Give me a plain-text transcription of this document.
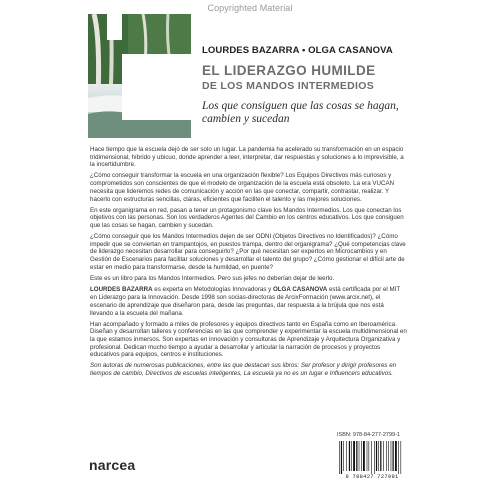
Copyrighted Material
LOURDES BAZARRA • OLGA CASANOVA
EL LIDERAZGO HUMILDE
DE LOS MANDOS INTERMEDIOS
Los que consiguen que las cosas se hagan,
cambien y sucedan

Hace tiempo que la escuela dejó de ser solo un lugar. La pandemia ha acelerado su transformación en un espacio tridimensional, híbrido y ubicuo, donde aprender a leer, interpretar, dar respuestas y soluciones a lo imprevisible, a la incertidumbre.

¿Cómo conseguir transformar la escuela en una organización flexible? Los Equipos Directivos más curiosos y comprometidos son conscientes de que el modelo de organización de la escuela está obsoleto. La era VUCAN necesita que lideremos redes de comunicación y acción en las que conectar, compartir, contrastar, realizar. Y hacerlo con estructuras sencillas, claras, eficientes que faciliten el talento y las mejores soluciones.

En este organigrama en red, pasan a tener un protagonismo clave los Mandos Intermedios. Los que conectan los objetivos con las personas. Son los verdaderos Agentes del Cambio en los centros educativos. Los que consiguen que las cosas se hagan, cambien y sucedan.

¿Cómo conseguir que los Mandos Intermedios dejen de ser ODNI (Objetos Directivos no Identificados)? ¿Cómo impedir que se conviertan en trampantojos, en puestos trampa, dentro del organigrama? ¿Qué competencias clave de liderazgo necesitan desarrollar para conseguirlo? ¿Por qué necesitan ser expertos en Microcambios y en Gestión de Escenarios para facilitar soluciones y desarrollar el talento del grupo? ¿Cómo gestionar el difícil arte de estar en medio para transformarse, desde la humildad, en puente?

Este es un libro para los Mandos Intermedios. Pero sus jefes no deberían dejar de leerlo.

LOURDES BAZARRA es experta en Metodologías Innovadoras y OLGA CASANOVA está certificada por el MIT en Liderazgo para la Innovación. Desde 1998 son socias-directoras de ArcixFormación (www.arcix.net), el escenario de aprendizaje que diseñaron para, desde las preguntas, dar respuesta a la brújula que nos está llevando a la escuela del mañana.

Han acompañado y formado a miles de profesores y equipos directivos tanto en España como en Iberoamérica. Diseñan y desarrollan talleres y conferencias en las que comprender y experimentar la escuela multidimensional en la que estamos inmersos. Son expertas en innovación y consultoras de Aprendizaje y Arquitectura Organizativa y profesional. Dedican mucho tiempo a ayudar a desarrollar y articular la narración de procesos y proyectos educativos para equipos, centros e instituciones.

Son autoras de numerosas publicaciones, entre las que destacan sus libros: Ser profesor y dirigir profesores en tiempos de cambio, Directivos de escuelas inteligentes, La escuela ya no es un lugar e Influencers educativos.

ISBN: 978-84-277-2799-1
9 788427 727991
narcea
